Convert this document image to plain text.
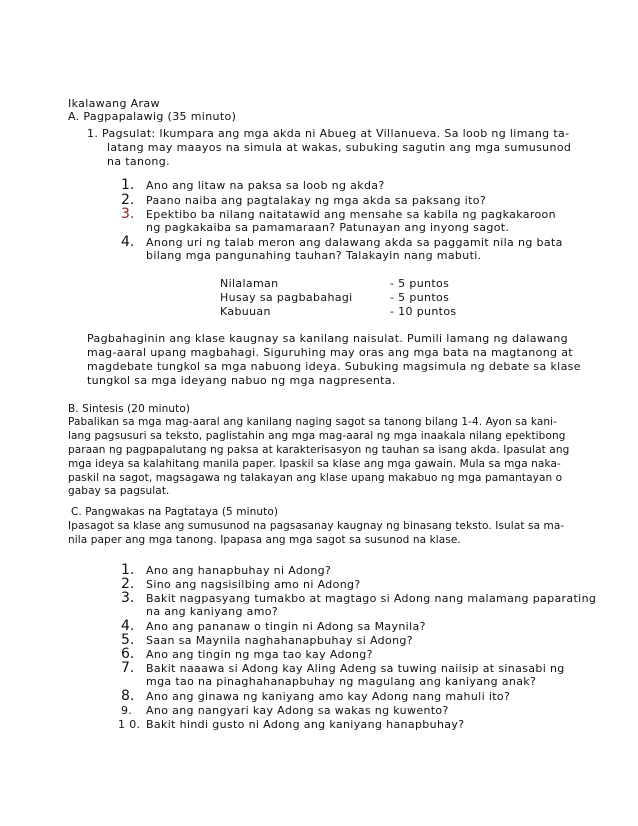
Ikalawang Araw
A. Pagpapalawig (35 minuto)
1. Pagsulat: Ikumpara ang mga akda ni Abueg at Villanueva. Sa loob ng limang ta-
latang may maayos na simula at wakas, subuking sagutin ang mga sumusunod
na tanong.
1. Ano ang litaw na paksa sa loob ng akda?
2. Paano naiba ang pagtalakay ng mga akda sa paksang ito?
3. Epektibo ba nilang naitatawid ang mensahe sa kabila ng pagkakaroon
ng pagkakaiba sa pamamaraan? Patunayan ang inyong sagot.
4. Anong uri ng talab meron ang dalawang akda sa paggamit nila ng bata
bilang mga pangunahing tauhan? Talakayin nang mabuti.
Nilalaman	- 5 puntos
Husay sa pagbabahagi	- 5 puntos
Kabuuan	- 10 puntos
Pagbahaginin ang klase kaugnay sa kanilang naisulat. Pumili lamang ng dalawang
mag-aaral upang magbahagi. Siguruhing may oras ang mga bata na magtanong at
magdebate tungkol sa mga nabuong ideya. Subuking magsimula ng debate sa klase
tungkol sa mga ideyang nabuo ng mga nagpresenta.
B. Sintesis (20 minuto)
Pabalikan sa mga mag-aaral ang kanilang naging sagot sa tanong bilang 1-4. Ayon sa kani-
lang pagsusuri sa teksto, paglistahin ang mga mag-aaral ng mga inaakala nilang epektibong
paraan ng pagpapalutang ng paksa at karakterisasyon ng tauhan sa isang akda. Ipasulat ang
mga ideya sa kalahitang manila paper. Ipaskil sa klase ang mga gawain. Mula sa mga naka-
paskil na sagot, magsagawa ng talakayan ang klase upang makabuo ng mga pamantayan o
gabay sa pagsulat.
C. Pangwakas na Pagtataya (5 minuto)
Ipasagot sa klase ang sumusunod na pagsasanay kaugnay ng binasang teksto. Isulat sa ma-
nila paper ang mga tanong. Ipapasa ang mga sagot sa susunod na klase.
1. Ano ang hanapbuhay ni Adong?
2. Sino ang nagsisilbing amo ni Adong?
3. Bakit nagpasyang tumakbo at magtago si Adong nang malamang paparating
na ang kaniyang amo?
4. Ano ang pananaw o tingin ni Adong sa Maynila?
5. Saan sa Maynila naghahanapbuhay si Adong?
6. Ano ang tingin ng mga tao kay Adong?
7. Bakit naaawa si Adong kay Aling Adeng sa tuwing naiisip at sinasabi ng
mga tao na pinaghahanapbuhay ng magulang ang kaniyang anak?
8. Ano ang ginawa ng kaniyang amo kay Adong nang mahuli ito?
9. Ano ang nangyari kay Adong sa wakas ng kuwento?
1 0. Bakit hindi gusto ni Adong ang kaniyang hanapbuhay?
